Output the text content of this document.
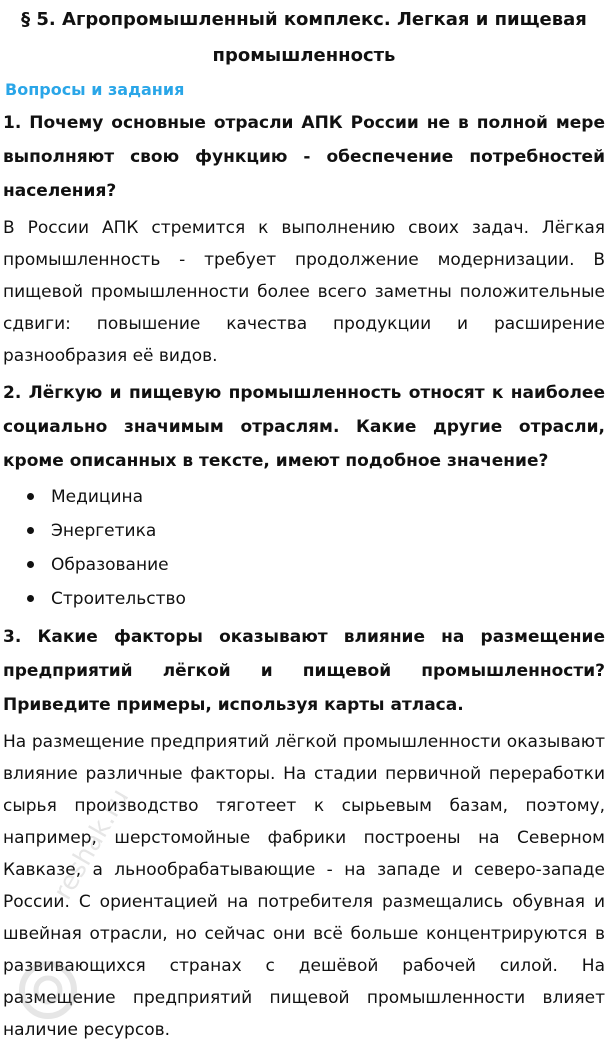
§ 5. Агропромышленный комплекс. Легкая и пищевая промышленность
Вопросы и задания

1. Почему основные отрасли АПК России не в полной мере выполняют свою функцию - обеспечение потребностей населения?

В России АПК стремится к выполнению своих задач. Лёгкая промышленность - требует продолжение модернизации. В пищевой промышленности более всего заметны положительные сдвиги: повышение качества продукции и расширение разнообразия её видов.

2. Лёгкую и пищевую промышленность относят к наиболее социально значимым отраслям. Какие другие отрасли, кроме описанных в тексте, имеют подобное значение?

Медицина
Энергетика
Образование
Строительство

3. Какие факторы оказывают влияние на размещение предприятий лёгкой и пищевой промышленности? Приведите примеры, используя карты атласа.

На размещение предприятий лёгкой промышленности оказывают влияние различные факторы. На стадии первичной переработки сырья производство тяготеет к сырьевым базам, поэтому, например, шерстомойные фабрики построены на Северном Кавказе, а льнообрабатывающие - на западе и северо-западе России. С ориентацией на потребителя размещались обувная и швейная отрасли, но сейчас они всё больше концентрируются в развивающихся странах с дешёвой рабочей силой. На размещение предприятий пищевой промышленности влияет наличие ресурсов.

reshak.ru
